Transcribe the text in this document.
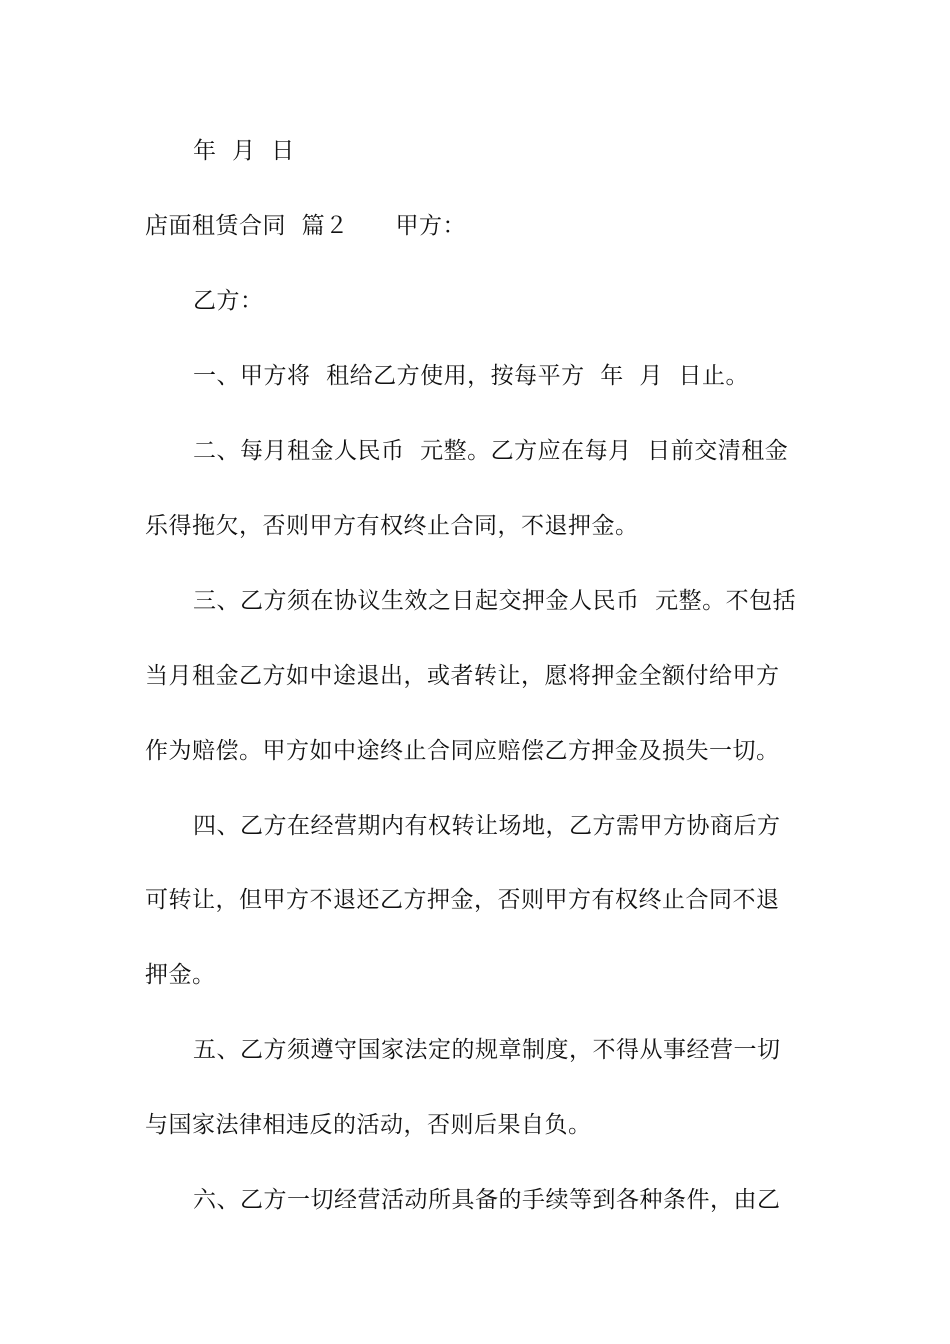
年  月  日
店面租赁合同  篇２      甲方：
乙方：
一、甲方将  租给乙方使用，按每平方  年  月  日止。
二、每月租金人民币  元整。乙方应在每月  日前交清租金
乐得拖欠，否则甲方有权终止合同，不退押金。
三、乙方须在协议生效之日起交押金人民币  元整。不包括
当月租金乙方如中途退出，或者转让，愿将押金全额付给甲方
作为赔偿。甲方如中途终止合同应赔偿乙方押金及损失一切。
四、乙方在经营期内有权转让场地，乙方需甲方协商后方
可转让，但甲方不退还乙方押金，否则甲方有权终止合同不退
押金。
五、乙方须遵守国家法定的规章制度，不得从事经营一切
与国家法律相违反的活动，否则后果自负。
六、乙方一切经营活动所具备的手续等到各种条件，由乙
